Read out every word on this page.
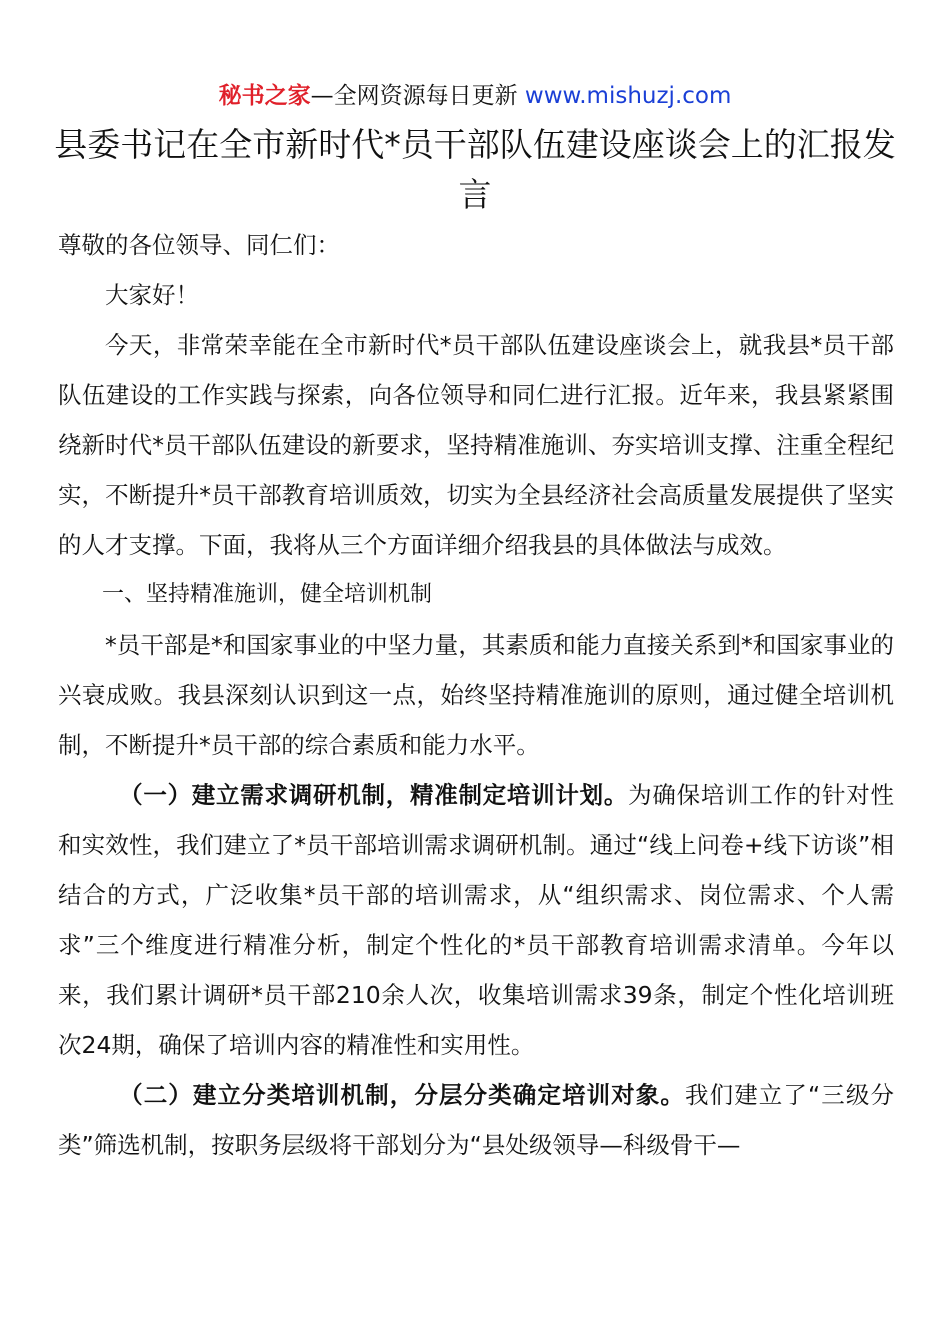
秘书之家—全网资源每日更新 www.mishuzj.com
县委书记在全市新时代*员干部队伍建设座谈会上的汇报发言

尊敬的各位领导、同仁们：

大家好！

今天，非常荣幸能在全市新时代*员干部队伍建设座谈会上，就我县*员干部队伍建设的工作实践与探索，向各位领导和同仁进行汇报。近年来，我县紧紧围绕新时代*员干部队伍建设的新要求，坚持精准施训、夯实培训支撑、注重全程纪实，不断提升*员干部教育培训质效，切实为全县经济社会高质量发展提供了坚实的人才支撑。下面，我将从三个方面详细介绍我县的具体做法与成效。

一、坚持精准施训，健全培训机制

*员干部是*和国家事业的中坚力量，其素质和能力直接关系到*和国家事业的兴衰成败。我县深刻认识到这一点，始终坚持精准施训的原则，通过健全培训机制，不断提升*员干部的综合素质和能力水平。

（一）建立需求调研机制，精准制定培训计划。为确保培训工作的针对性和实效性，我们建立了*员干部培训需求调研机制。通过“线上问卷+线下访谈”相结合的方式，广泛收集*员干部的培训需求，从“组织需求、岗位需求、个人需求”三个维度进行精准分析，制定个性化的*员干部教育培训需求清单。今年以来，我们累计调研*员干部210余人次，收集培训需求39条，制定个性化培训班次24期，确保了培训内容的精准性和实用性。

（二）建立分类培训机制，分层分类确定培训对象。我们建立了“三级分类”筛选机制，按职务层级将干部划分为“县处级领导—科级骨干—
